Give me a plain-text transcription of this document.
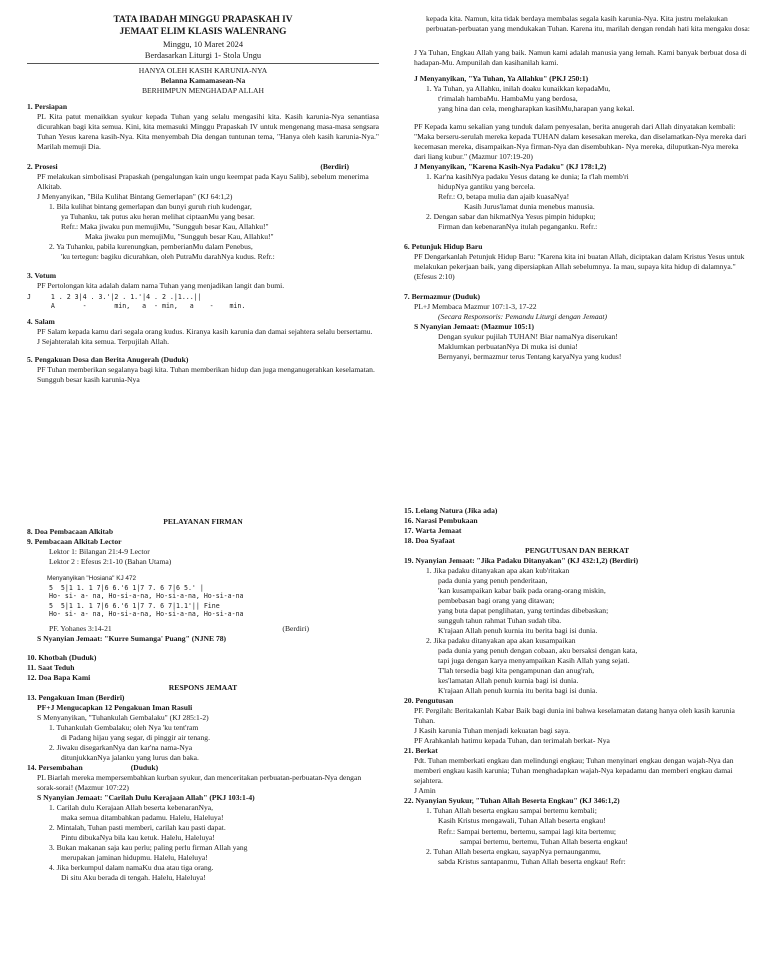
TATA IBADAH MINGGU PRAPASKAH IV
JEMAAT ELIM KLASIS WALENRANG
Minggu, 10 Maret 2024
Berdasarkan Liturgi 1- Stola Ungu
HANYA OLEH KASIH KARUNIA-NYA
Belanna Kamamasean-Na
BERHIMPUN MENGHADAP ALLAH
1. Persiapan
PL Kita patut menaikkan syukur kepada Tuhan yang selalu mengasihi kita. Kasih karunia-Nya senantiasa dicurahkan bagi kita semua. Kini, kita memasuki Minggu Prapaskah IV untuk mengenang masa-masa sengsara Tuhan Yesus karena kasih-Nya. Kita menyembah Dia dengan tuntunan tema, "Hanya oleh kasih karunia-Nya." Marilah memuji Dia.
2. Prosesi	(Berdiri)
PF melakukan simbolisasi Prapaskah (pengalungan kain ungu keempat pada Kayu Salib), sebelum menerima Alkitab.
J Menyanyikan, "Bila Kulihat Bintang Gemerlapan" (KJ 64:1,2)
1. Bila kulihat bintang gemerlapan dan bunyi guruh riuh kudengar,
ya Tuhanku, tak putus aku heran melihat ciptaanMu yang besar.
Refr.: Maka jiwaku pun memujiMu, "Sungguh besar Kau, Allahku!"
Maka jiwaku pun memujiMu, "Sungguh besar Kau, Allahku!"
2. Ya Tuhanku, pabila kurenungkan, pemberianMu dalam Penebus,
'ku tertegun: bagiku dicurahkan, oleh PutraMu darahNya kudus. Refr.:
3. Votum
PF Pertolongan kita adalah dalam nama Tuhan yang menjadikan langit dan bumi.
J     1 . 2 3|4 . 3.'|2 . 1.'|4 . 2 .|1...||
A       -       min,   a  - min,   a    -    min.
4. Salam
PF Salam kepada kamu dari segala orang kudus. Kiranya kasih karunia dan damai sejahtera selalu bersertamu.
J Sejahteralah kita semua. Terpujilah Allah.
5. Pengakuan Dosa dan Berita Anugerah (Duduk)
PF Tuhan memberikan segalanya bagi kita. Tuhan memberikan hidup dan juga menganugerahkan keselamatan. Sungguh besar kasih karunia-Nya
kepada kita. Namun, kita tidak berdaya membalas segala kasih karunia-Nya. Kita justru melakukan perbuatan-perbuatan yang mendukakan Tuhan. Karena itu, marilah dengan rendah hati kita mengaku dosa:
J Ya Tuhan, Engkau Allah yang baik. Namun kami adalah manusia yang lemah. Kami banyak berbuat dosa di hadapan-Mu. Ampunilah dan kasihanilah kami.
J Menyanyikan, "Ya Tuhan, Ya Allahku" (PKJ 250:1)
1. Ya Tuhan, ya Allahku, inilah doaku kunaikkan kepadaMu,
t'rimalah hambaMu. HambaMu yang berdosa,
yang hina dan cela, mengharapkan kasihMu,harapan yang kekal.
PF Kepada kamu sekalian yang tunduk dalam penyesalan, berita anugerah dari Allah dinyatakan kembali: "Maka berseru-serulah mereka kepada TUHAN dalam kesesakan mereka, dan diselamatkan-Nya mereka dari kecemasan mereka, disampaikan-Nya firman-Nya dan disembuhkan- Nya mereka, diluputkan-Nya mereka dari liang kubur." (Mazmur 107:19-20)
J Menyanyikan, "Karena Kasih-Nya Padaku" (KJ 178:1,2)
1. Kar'na kasihNya padaku Yesus datang ke dunia; Ia t'lah memb'ri
hidupNya gantiku yang bercela.
Refr.: O, betapa mulia dan ajaib kuasaNya!
Kasih Jurus'lamat dunia menebus manusia.
2. Dengan sabar dan hikmatNya Yesus pimpin hidupku;
Firman dan kebenaranNya itulah peganganku. Refr.:
6. Petunjuk Hidup Baru
PF Dengarkanlah Petunjuk Hidup Baru: "Karena kita ini buatan Allah, diciptakan dalam Kristus Yesus untuk melakukan pekerjaan baik, yang dipersiapkan Allah sebelumnya. Ia mau, supaya kita hidup di dalamnya." (Efesus 2:10)
7. Bermazmur (Duduk)
PL+J Membaca Mazmur 107:1-3, 17-22
(Secara Responsoris: Pemandu Liturgi dengan Jemaat)
S Nyanyian Jemaat: (Mazmur 105:1)
Dengan syukur pujilah TUHAN! Biar namaNya diserukan!
Maklumkan perbuatanNya Di muka isi dunia!
Bernyanyi, bermazmur terus Tentang karyaNya yang kudus!
PELAYANAN FIRMAN
8. Doa Pembacaan Alkitab
9. Pembacaan Alkitab Lector
Lektor 1: Bilangan 21:4-9 Lector
Lektor 2 : Efesus 2:1-10 (Bahan Utama)
Menyanyikan "Hosiana" KJ 472
5  5|1 1. 1 7|6 6.'6 1|7 7. 6 7|6 5.' |
Ho- si- a- na, Ho-si-a-na, Ho-si-a-na, Ho-si-a-na
5  5|1 1. 1 7|6 6.'6 1|7 7. 6 7|1.1'|| Fine
Ho- si- a- na, Ho-si-a-na, Ho-si-a-na, Ho-si-a-na
PF. Yohanes 3:14-21	(Berdiri)
S Nyanyian Jemaat: "Kurre Sumanga' Puang" (NJNE 78)
10. Khotbah (Duduk)
11. Saat Teduh
12. Doa Bapa Kami
RESPONS JEMAAT
13. Pengakuan Iman (Berdiri)
PF+J Mengucapkan 12 Pengakuan Iman Rasuli
S Menyanyikan, "Tuhankulah Gembalaku" (KJ 285:1-2)
1. Tuhankulah Gembalaku; oleh Nya 'ku tent'ram
di Padang hijau yang segar, di pinggir air tenang.
2. Jiwaku disegarkanNya dan kar'na nama-Nya
ditunjukkanNya jalanku yang lurus dan baka.
14. Persembahan	(Duduk)
PL Biarlah mereka mempersembahkan kurban syukur, dan menceritakan perbuatan-perbuatan-Nya dengan sorak-sorai! (Mazmur 107:22)
S Nyanyian Jemaat: "Carilah Dulu Kerajaan Allah" (PKJ 103:1-4)
1. Carilah dulu Kerajaan Allah beserta kebenaranNya,
maka semua ditambahkan padamu. Halelu, Haleluya!
2. Mintalah, Tuhan pasti memberi, carilah kau pasti dapat.
Pintu dibukaNya bila kau ketuk. Halelu, Haleluya!
3. Bukan makanan saja kau perlu; paling perlu firman Allah yang
merupakan jaminan hidupmu. Halelu, Haleluya!
4. Jika berkumpul dalam namaKu dua atau tiga orang.
Di situ Aku berada di tengah. Halelu, Haleluya!
15. Lelang Natura (Jika ada)
16. Narasi Pembukaan
17. Warta Jemaat
18. Doa Syafaat
PENGUTUSAN DAN BERKAT
19. Nyanyian Jemaat: "Jika Padaku Ditanyakan" (KJ 432:1,2) (Berdiri)
1. Jika padaku ditanyakan apa akan kub'ritakan
pada dunia yang penuh penderitaan,
'kan kusampaikan kabar baik pada orang-orang miskin,
pembebasan bagi orang yang ditawan;
yang buta dapat penglihatan, yang tertindas dibebaskan;
sungguh tahun rahmat Tuhan sudah tiba.
K'rajaan Allah penuh kurnia itu berita bagi isi dunia.
2. Jika padaku ditanyakan apa akan kusampaikan
pada dunia yang penuh dengan cobaan, aku bersaksi dengan kata,
tapi juga dengan karya menyampaikan Kasih Allah yang sejati.
T'lah tersedia bagi kita pengampunan dan anug'rah,
kes'lamatan Allah penuh kurnia bagi isi dunia.
K'rajaan Allah penuh kurnia itu berita bagi isi dunia.
20. Pengutusan
PF. Pergilah: Beritakanlah Kabar Baik bagi dunia ini bahwa keselamatan datang hanya oleh kasih karunia Tuhan.
J Kasih karunia Tuhan menjadi kekuatan bagi saya.
PF Arahkanlah hatimu kepada Tuhan, dan terimalah berkat- Nya
21. Berkat
Pdt. Tuhan memberkati engkau dan melindungi engkau; Tuhan menyinari engkau dengan wajah-Nya dan memberi engkau kasih karunia; Tuhan menghadapkan wajah-Nya kepadamu dan memberi engkau damai sejahtera.
J Amin
22. Nyanyian Syukur, "Tuhan Allah Beserta Engkau" (KJ 346:1,2)
1. Tuhan Allah beserta engkau sampai bertemu kembali;
Kasih Kristus mengawali, Tuhan Allah beserta engkau!
Refr.: Sampai bertemu, bertemu, sampai lagi kita bertemu;
sampai bertemu, bertemu, Tuhan Allah beserta engkau!
2. Tuhan Allah beserta engkau, sayapNya pernaunganmu,
sabda Kristus santapanmu, Tuhan Allah beserta engkau! Refr:
